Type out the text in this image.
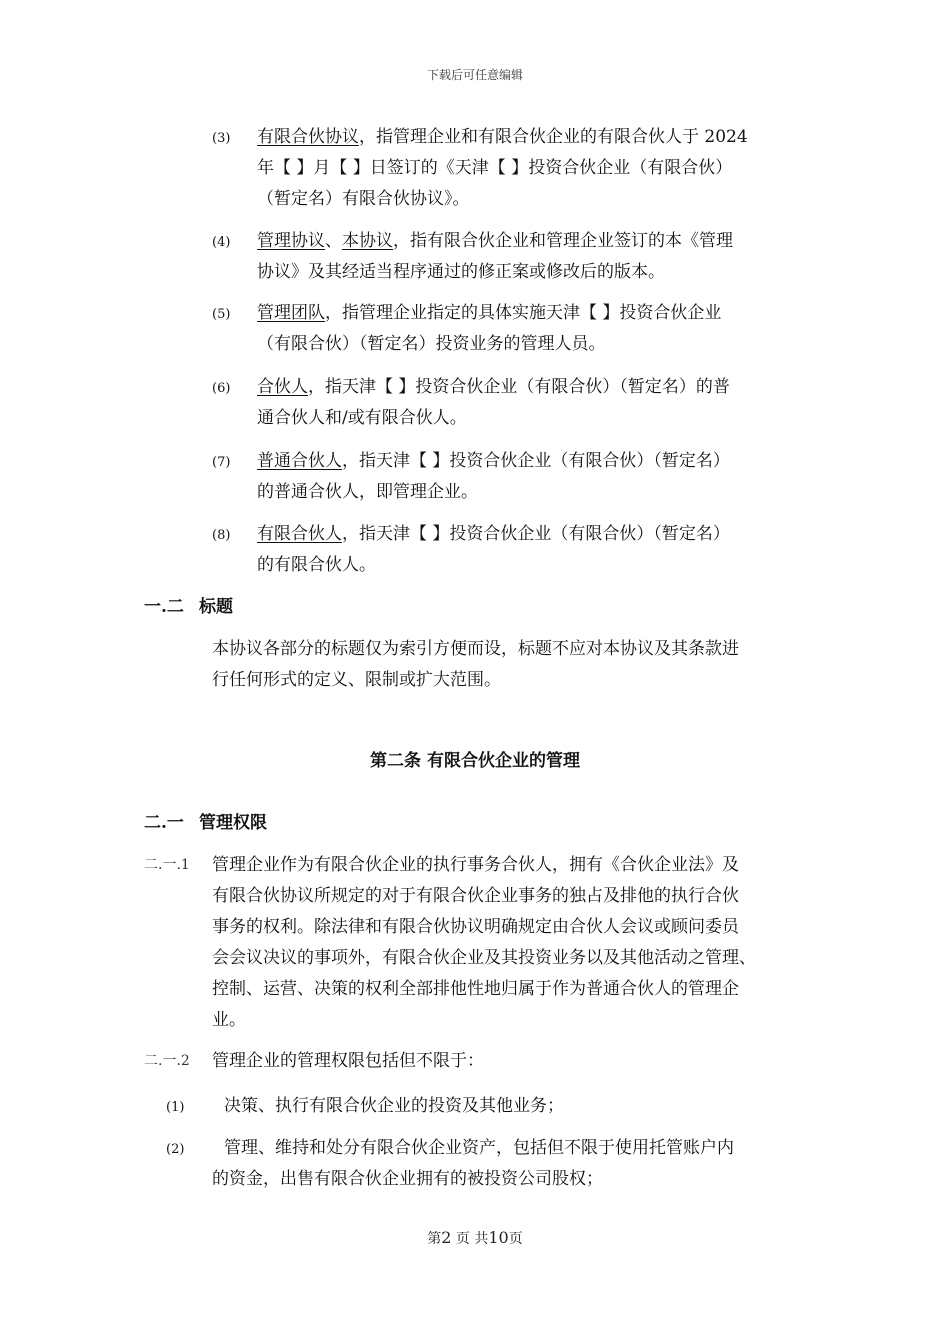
下载后可任意编辑
(3) 有限合伙协议，指管理企业和有限合伙企业的有限合伙人于 2024
年【 】月【 】日签订的《天津【 】投资合伙企业（有限合伙）
（暂定名）有限合伙协议》。
(4) 管理协议、本协议，指有限合伙企业和管理企业签订的本《管理
协议》及其经适当程序通过的修正案或修改后的版本。
(5) 管理团队，指管理企业指定的具体实施天津【 】投资合伙企业
（有限合伙）（暂定名）投资业务的管理人员。
(6) 合伙人，指天津【 】投资合伙企业（有限合伙）（暂定名）的普
通合伙人和/或有限合伙人。
(7) 普通合伙人，指天津【 】投资合伙企业（有限合伙）（暂定名）
的普通合伙人，即管理企业。
(8) 有限合伙人，指天津【 】投资合伙企业（有限合伙）（暂定名）
的有限合伙人。
一.二 标题
本协议各部分的标题仅为索引方便而设，标题不应对本协议及其条款进
行任何形式的定义、限制或扩大范围。
第二条 有限合伙企业的管理
二.一 管理权限
二.一.1 管理企业作为有限合伙企业的执行事务合伙人，拥有《合伙企业法》及
有限合伙协议所规定的对于有限合伙企业事务的独占及排他的执行合伙
事务的权利。除法律和有限合伙协议明确规定由合伙人会议或顾问委员
会会议决议的事项外，有限合伙企业及其投资业务以及其他活动之管理、
控制、运营、决策的权利全部排他性地归属于作为普通合伙人的管理企
业。
二.一.2 管理企业的管理权限包括但不限于：
(1)	决策、执行有限合伙企业的投资及其他业务；
(2)	管理、维持和处分有限合伙企业资产，包括但不限于使用托管账户内
的资金，出售有限合伙企业拥有的被投资公司股权；
第2 页 共10页
